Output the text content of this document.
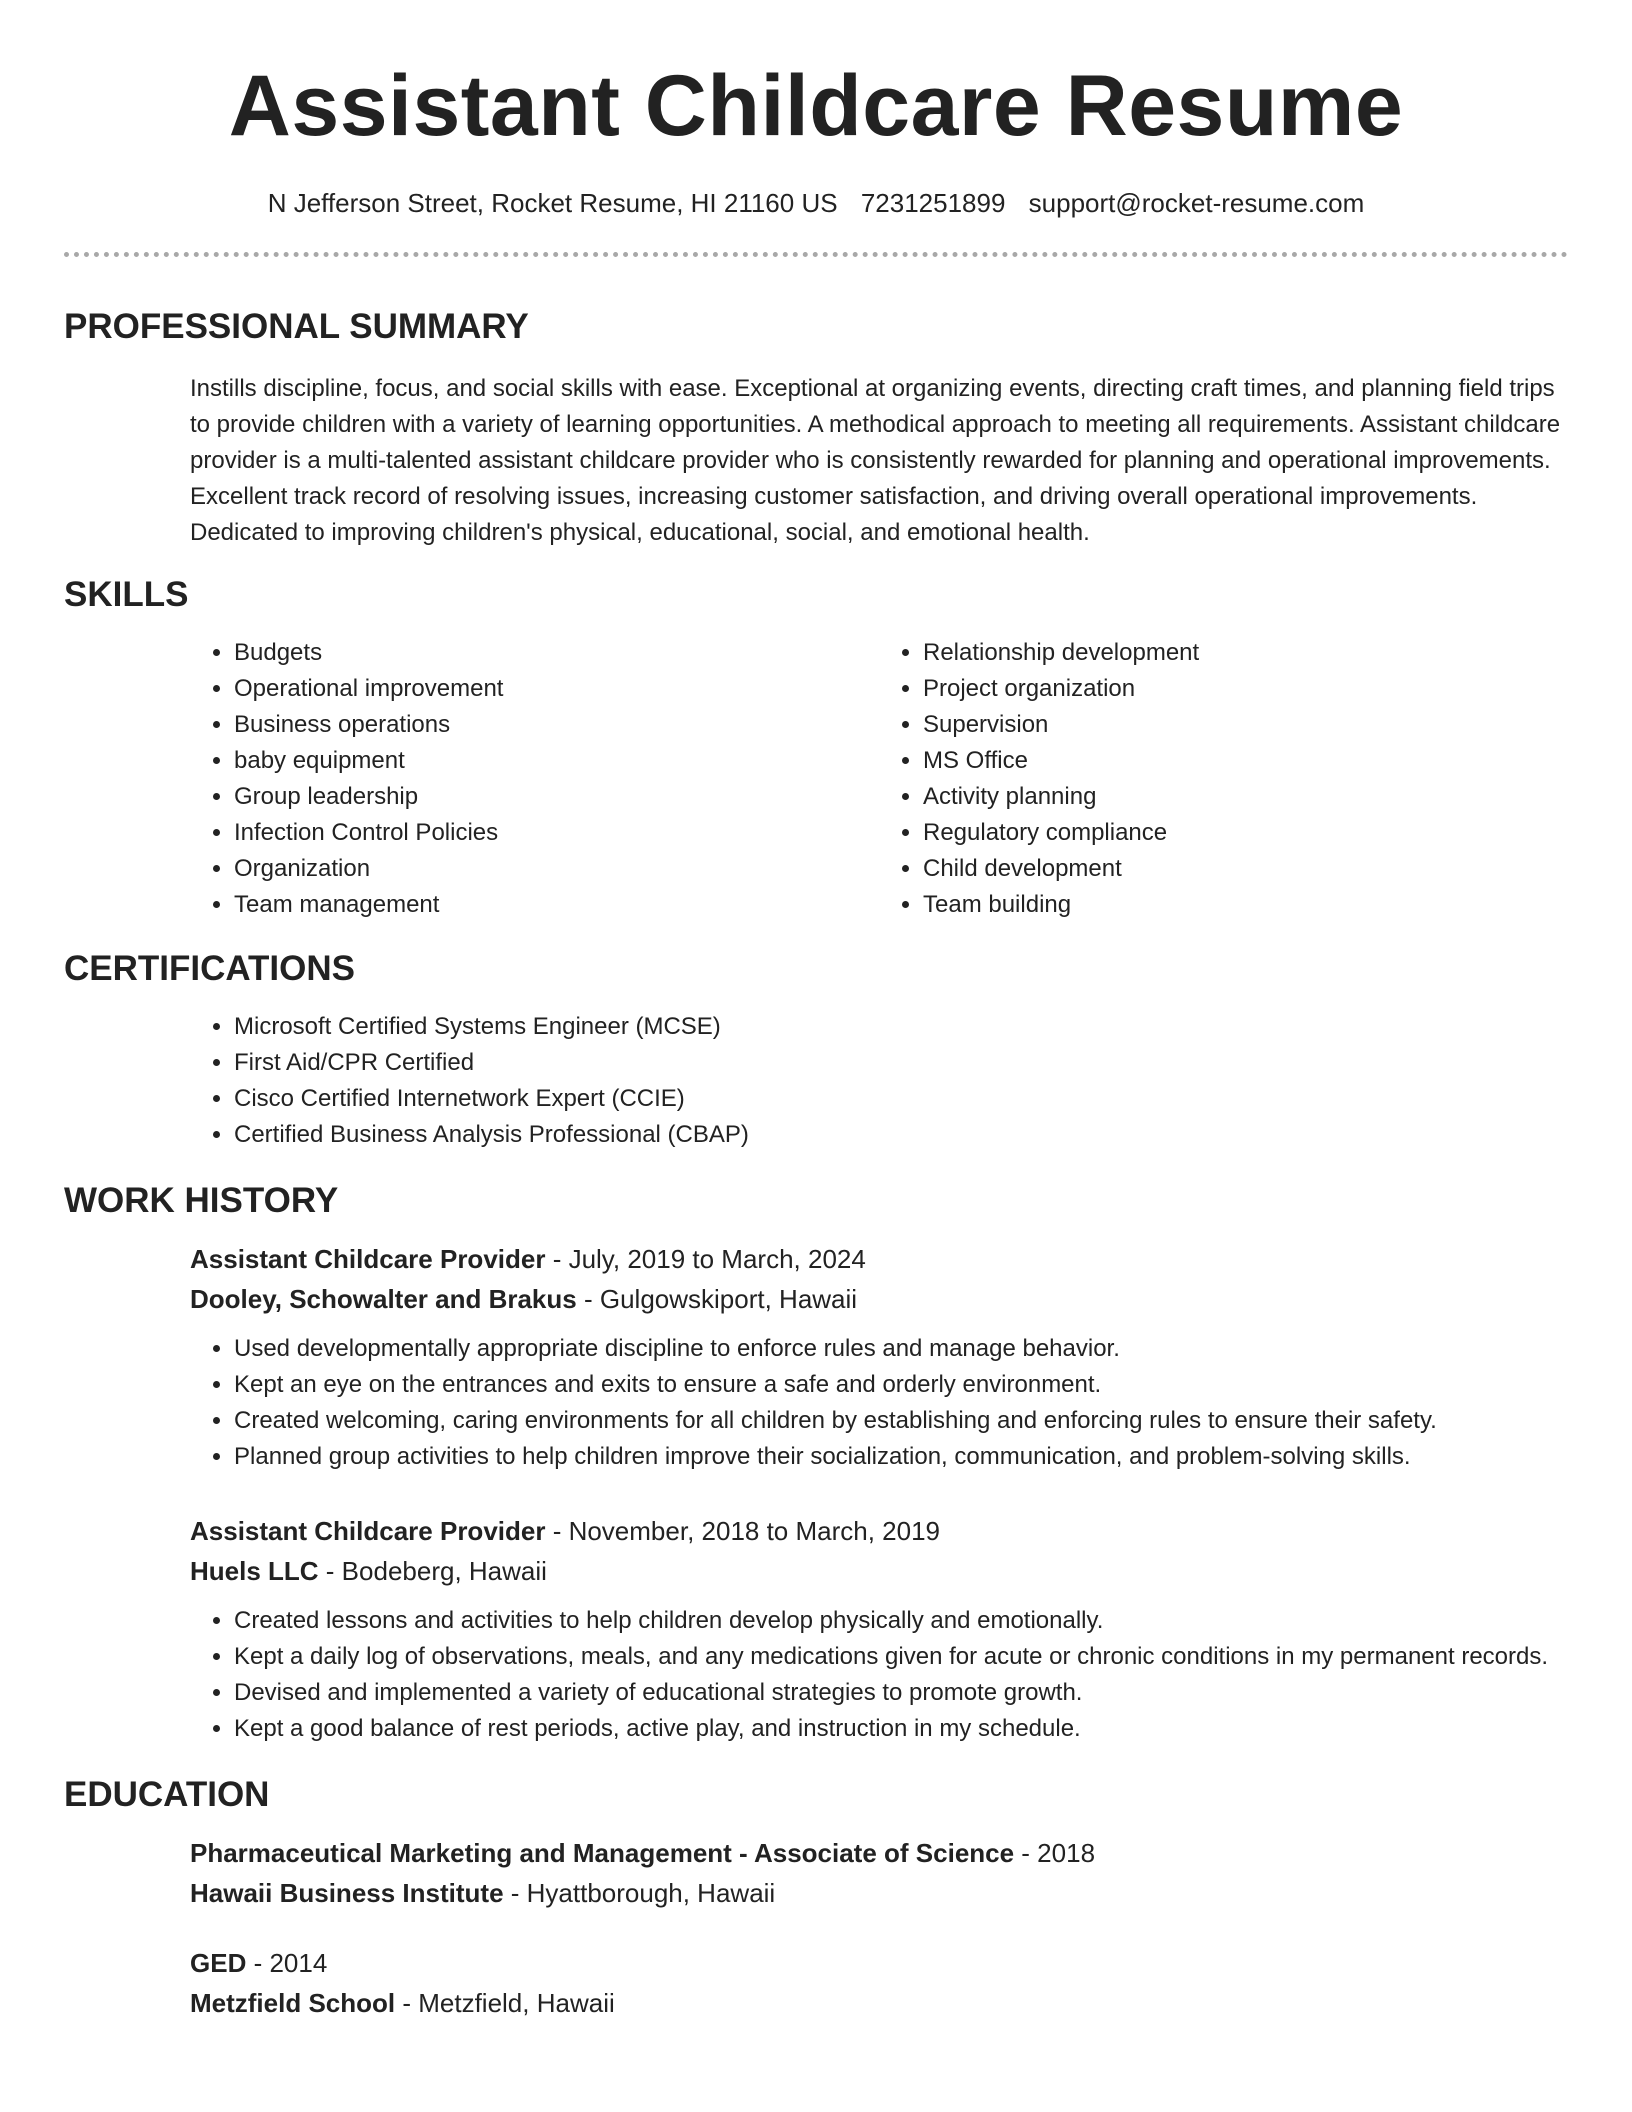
Assistant Childcare Resume
N Jefferson Street, Rocket Resume, HI 21160 US 7231251899 support@rocket-resume.com
PROFESSIONAL SUMMARY
Instills discipline, focus, and social skills with ease. Exceptional at organizing events, directing craft times, and planning field trips to provide children with a variety of learning opportunities. A methodical approach to meeting all requirements. Assistant childcare provider is a multi-talented assistant childcare provider who is consistently rewarded for planning and operational improvements. Excellent track record of resolving issues, increasing customer satisfaction, and driving overall operational improvements. Dedicated to improving children's physical, educational, social, and emotional health.
SKILLS
• Budgets
• Operational improvement
• Business operations
• baby equipment
• Group leadership
• Infection Control Policies
• Organization
• Team management
• Relationship development
• Project organization
• Supervision
• MS Office
• Activity planning
• Regulatory compliance
• Child development
• Team building
CERTIFICATIONS
• Microsoft Certified Systems Engineer (MCSE)
• First Aid/CPR Certified
• Cisco Certified Internetwork Expert (CCIE)
• Certified Business Analysis Professional (CBAP)
WORK HISTORY
Assistant Childcare Provider - July, 2019 to March, 2024
Dooley, Schowalter and Brakus - Gulgowskiport, Hawaii
• Used developmentally appropriate discipline to enforce rules and manage behavior.
• Kept an eye on the entrances and exits to ensure a safe and orderly environment.
• Created welcoming, caring environments for all children by establishing and enforcing rules to ensure their safety.
• Planned group activities to help children improve their socialization, communication, and problem-solving skills.
Assistant Childcare Provider - November, 2018 to March, 2019
Huels LLC - Bodeberg, Hawaii
• Created lessons and activities to help children develop physically and emotionally.
• Kept a daily log of observations, meals, and any medications given for acute or chronic conditions in my permanent records.
• Devised and implemented a variety of educational strategies to promote growth.
• Kept a good balance of rest periods, active play, and instruction in my schedule.
EDUCATION
Pharmaceutical Marketing and Management - Associate of Science - 2018
Hawaii Business Institute - Hyattborough, Hawaii
GED - 2014
Metzfield School - Metzfield, Hawaii
